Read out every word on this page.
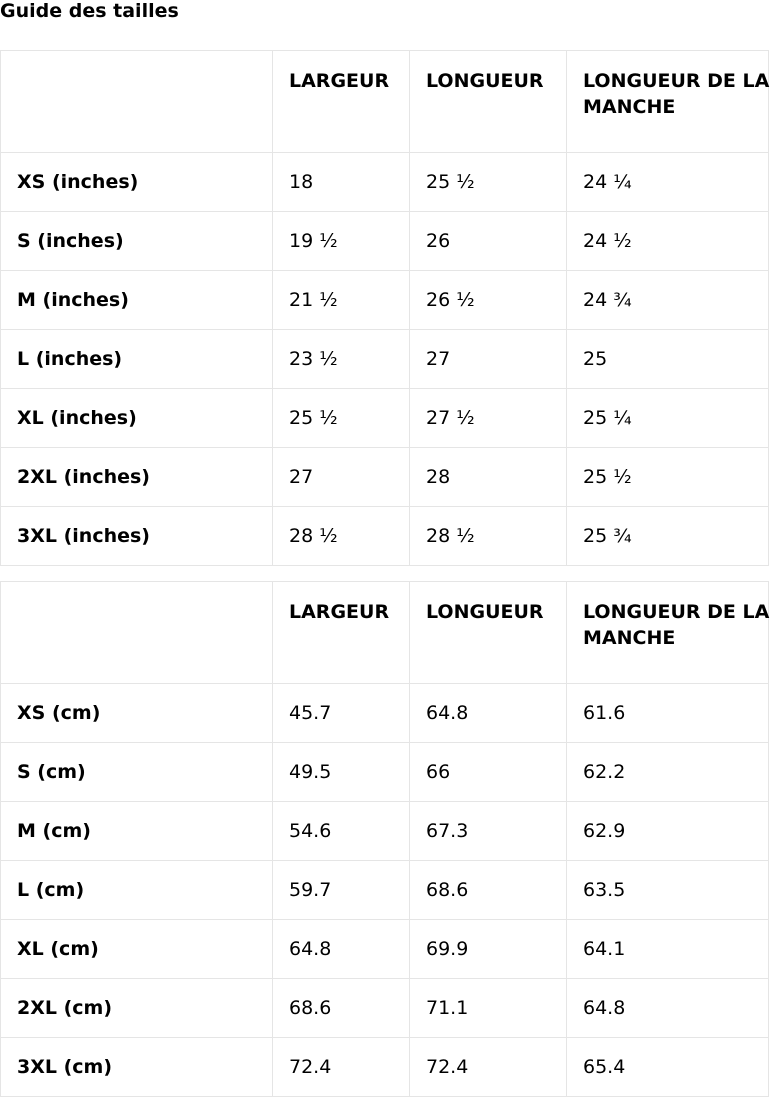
Guide des tailles

	LARGEUR	LONGUEUR	LONGUEUR DE LA MANCHE

XS (inches)	18	25 ½	24 ¼
S (inches)	19 ½	26	24 ½
M (inches)	21 ½	26 ½	24 ¾
L (inches)	23 ½	27	25
XL (inches)	25 ½	27 ½	25 ¼
2XL (inches)	27	28	25 ½
3XL (inches)	28 ½	28 ½	25 ¾

	LARGEUR	LONGUEUR	LONGUEUR DE LA MANCHE

XS (cm)	45.7	64.8	61.6
S (cm)	49.5	66	62.2
M (cm)	54.6	67.3	62.9
L (cm)	59.7	68.6	63.5
XL (cm)	64.8	69.9	64.1
2XL (cm)	68.6	71.1	64.8
3XL (cm)	72.4	72.4	65.4
